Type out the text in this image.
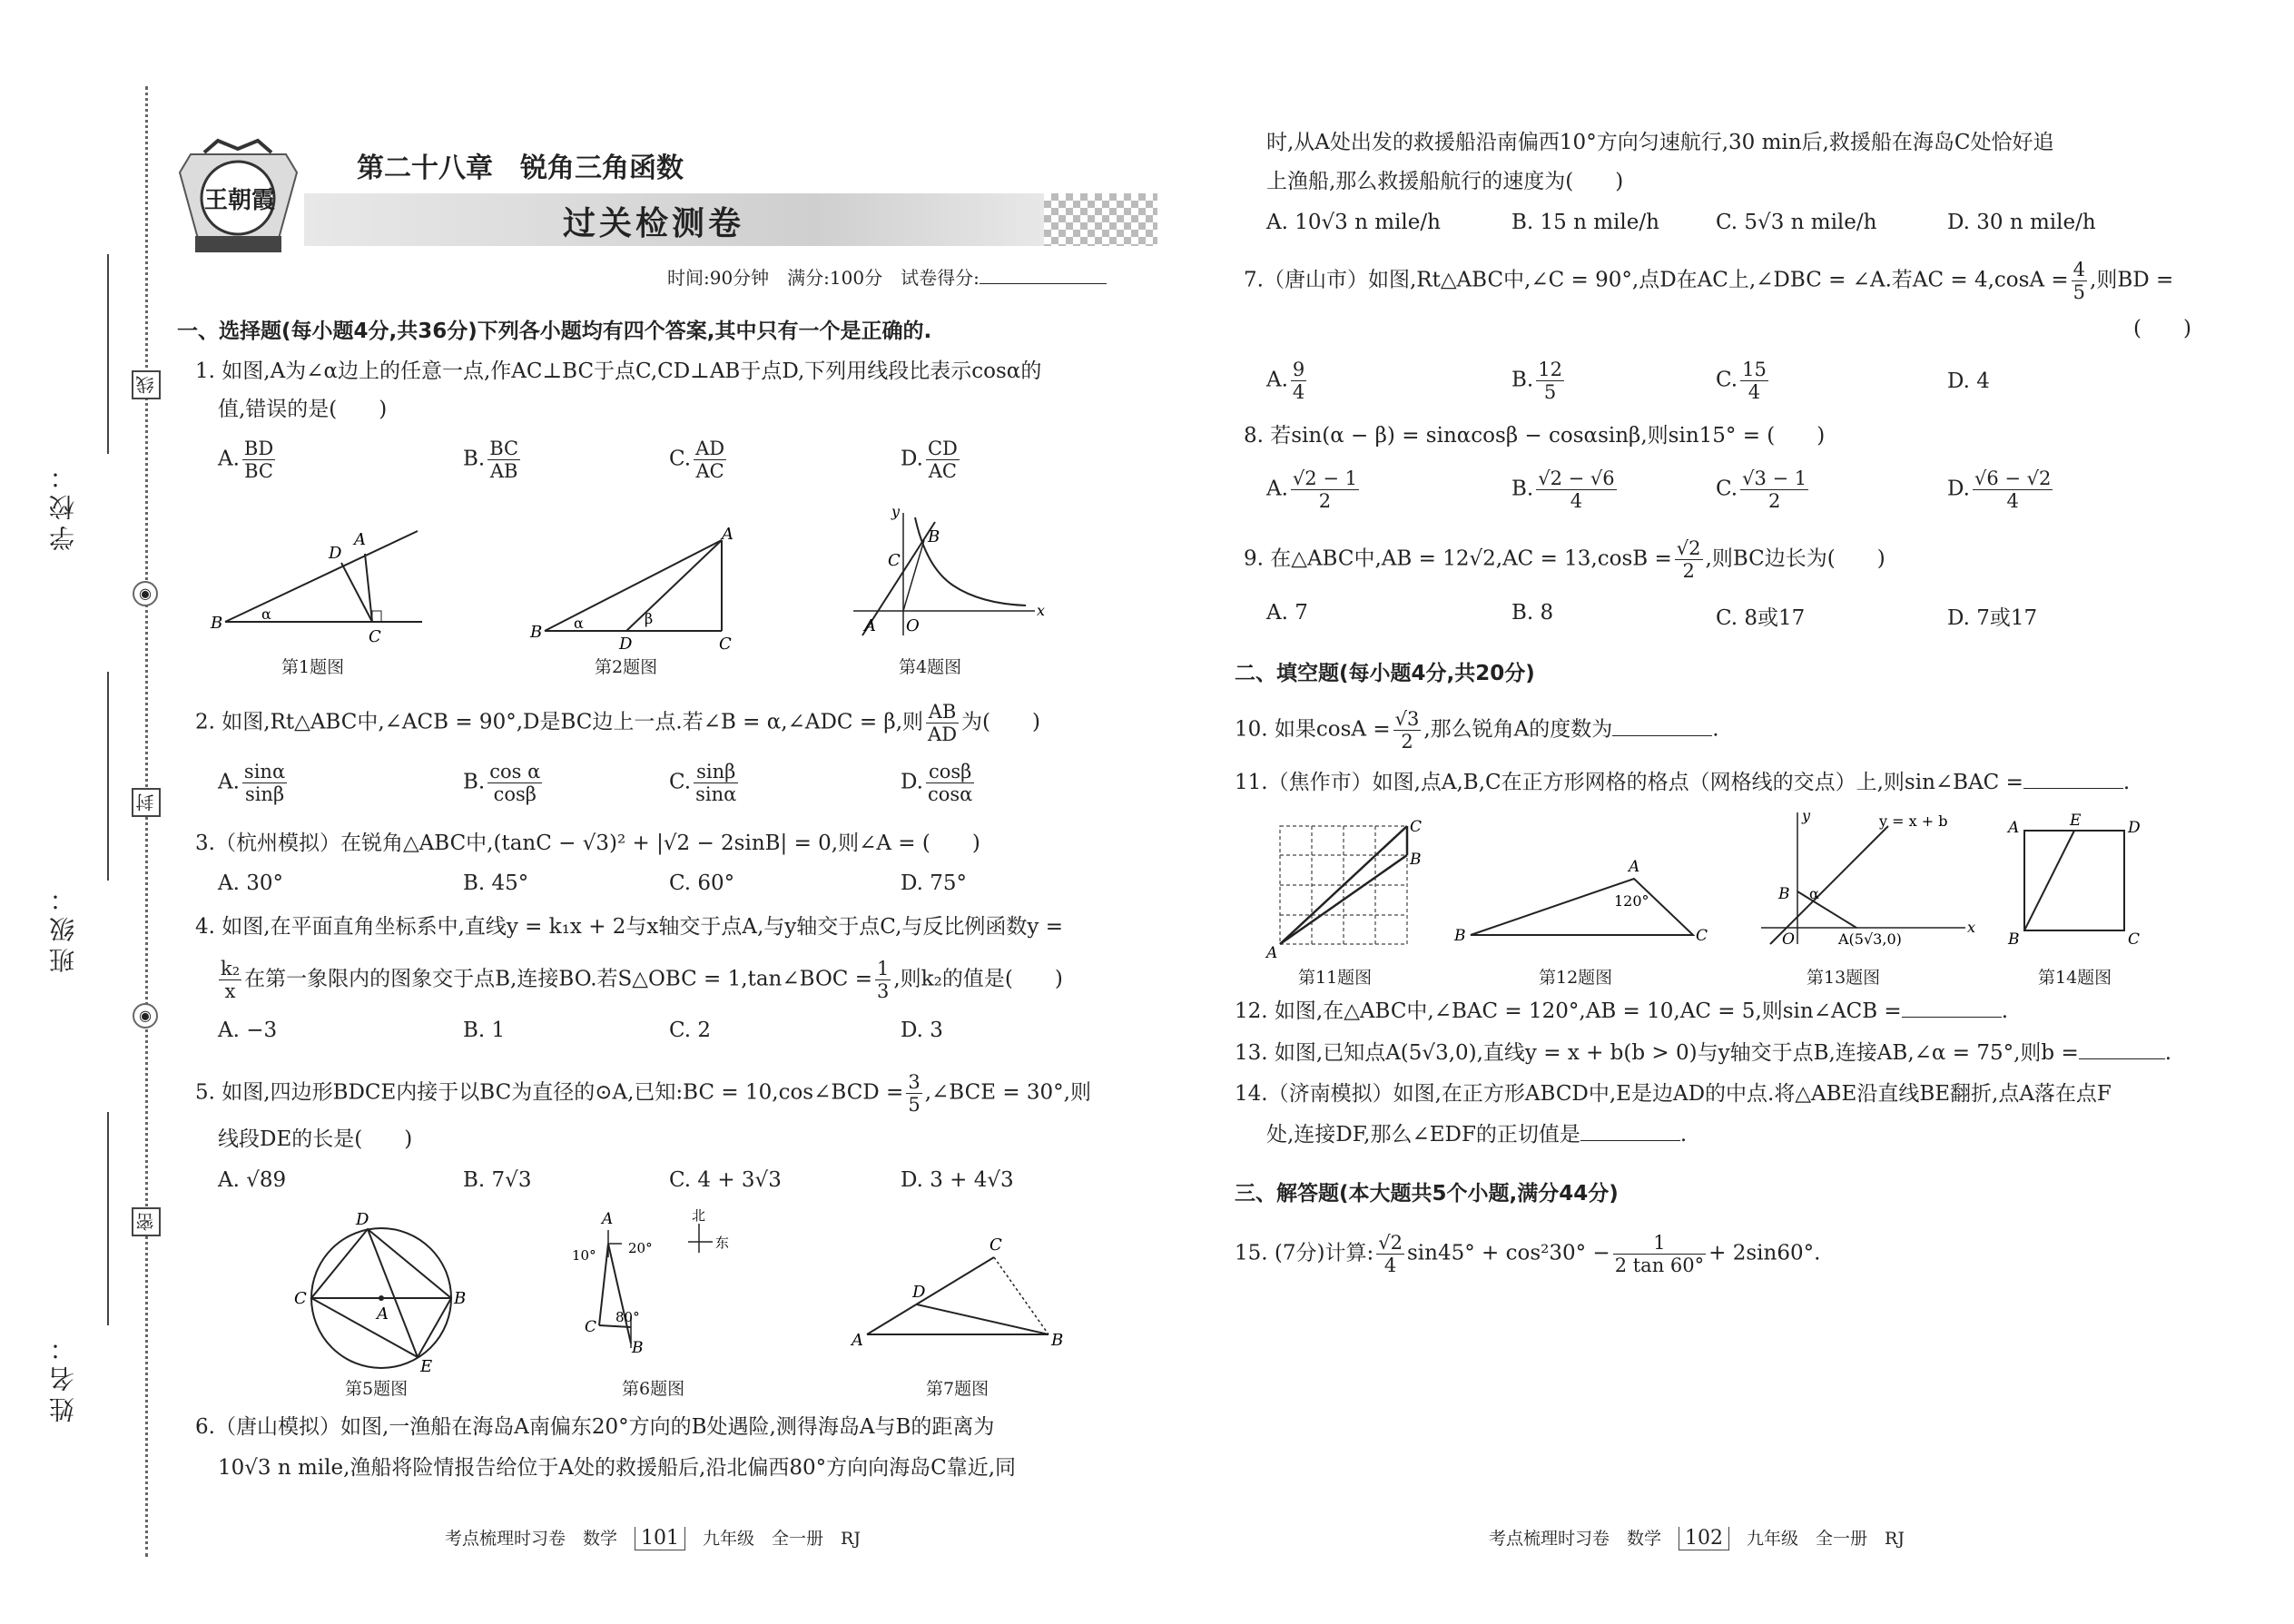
学校：
线
◉
班级：
封
◉
姓名：
密
王朝霞
第二十八章　锐角三角函数
过关检测卷
时间:90分钟　满分:100分　试卷得分:
一、选择题(每小题4分,共36分)下列各小题均有四个答案,其中只有一个是正确的.
1. 如图,A为∠α边上的任意一点,作AC⊥BC于点C,CD⊥AB于点D,下列用线段比表示cosα的
值,错误的是(　　)
A. $\frac{BD}{BC}$	B. $\frac{BC}{AB}$	C. $\frac{AD}{AC}$	D. $\frac{CD}{AC}$
B
A
D
C
α
第1题图
B
A
D	C
α	β
第2题图
y
x
B
C
A O
第4题图
2. 如图,Rt△ABC中,∠ACB = 90°,D是BC边上一点.若∠B = α,∠ADC = β,则 $\frac{AB}{AD}$ 为(　　)
A. $\frac{\sin\alpha}{\sin\beta}$	B. $\frac{\text{cos α}}{\cos\beta}$	C. $\frac{\sin\beta}{\sin\alpha}$	D. $\frac{\cos\beta}{\cos\alpha}$
3.（杭州模拟）在锐角△ABC中,(tanC − √3)² + |√2 − 2sinB| = 0,则∠A = (　　)
A. 30°	B. 45°	C. 60°	D. 75°
4. 如图,在平面直角坐标系中,直线y = k₁x + 2与x轴交于点A,与y轴交于点C,与反比例函数y =
$\frac{\text{k₂}}{x}$ 在第一象限内的图象交于点B,连接BO.若S△OBC = 1,tan∠BOC = $\frac{1}{3}$ ,则k₂的值是(　　)
A. −3	B. 1	C. 2	D. 3
5. 如图,四边形BDCE内接于以BC为直径的⊙A,已知:BC = 10,cos∠BCD = $\frac{3}{5}$ ,∠BCE = 30°,则
线段DE的长是(　　)
A. √89	B. 7√3	C. 4 + 3√3	D. 3 + 4√3
D
C	B
A
E
第5题图
A
10° 20°
80°
C
B
北
东
第6题图
A	B
C
D
第7题图
6.（唐山模拟）如图,一渔船在海岛A南偏东20°方向的B处遇险,测得海岛A与B的距离为
10√3 n mile,渔船将险情报告给位于A处的救援船后,沿北偏西80°方向向海岛C靠近,同
考点梳理时习卷　数学　 101　 九年级　全一册　RJ
时,从A处出发的救援船沿南偏西10°方向匀速航行,30 min后,救援船在海岛C处恰好追
上渔船,那么救援船航行的速度为(　　)
A. 10√3 n mile/h	B. 15 n mile/h	C. 5√3 n mile/h	D. 30 n mile/h
7.（唐山市）如图,Rt△ABC中,∠C = 90°,点D在AC上,∠DBC = ∠A.若AC = $4,\cos A = \frac{4}{5}$ ,则BD =
(　　)
A. $\frac{9}{4}$	B. $\frac{12}{5}$	C. $\frac{15}{4}$	D. 4
8. 若sin(α − β) = sinαcosβ − cosαsinβ,则sin15° = (　　)
A. $\frac{√2 - 1}{2}$	B. $\frac{√2 - √6}{4}$	C. $\frac{√3 - 1}{2}$	D. $\frac{√6 - √2}{4}$
9. 在△ABC中$,AB = 12√2,AC = 13,\cos B = \frac{√2}{2}$ ,则BC边长为(　　)
A. 7	B. 8	C. 8或17	D. 7或17
二、填空题(每小题4分,共20分)
10. 如果$\cos A = \frac{√3}{2}$ ,那么锐角A的度数为	.
11.（焦作市）如图,点A,B,C在正方形网格的格点（网格线的交点）上,则sin∠BAC =	.
A
C
B
第11题图
B
A
C
120°
第12题图
y
x
y = x + b
B α
O	A(5√3,0)
第13题图
A	E	D
B	C
第14题图
12. 如图,在△ABC中,∠BAC = 120°,AB = 10,AC = 5,则sin∠ACB =	.
13. 如图,已知点A(5√3,0),直线y = x + b(b > 0)与y轴交于点B,连接AB,∠α = 75°,则b =	.
14.（济南模拟）如图,在正方形ABCD中,E是边AD的中点.将△ABE沿直线BE翻折,点A落在点F
处,连接DF,那么∠EDF的正切值是	.
三、解答题(本大题共5个小题,满分44分)
15. (7分)计算: $\frac{√2}{4} \sin 45^\circ + \cos^230^\circ - \frac{1}{2 \tan 60^\circ} + 2\sin 60^\circ$.
考点梳理时习卷　数学　 102　 九年级　全一册　RJ
